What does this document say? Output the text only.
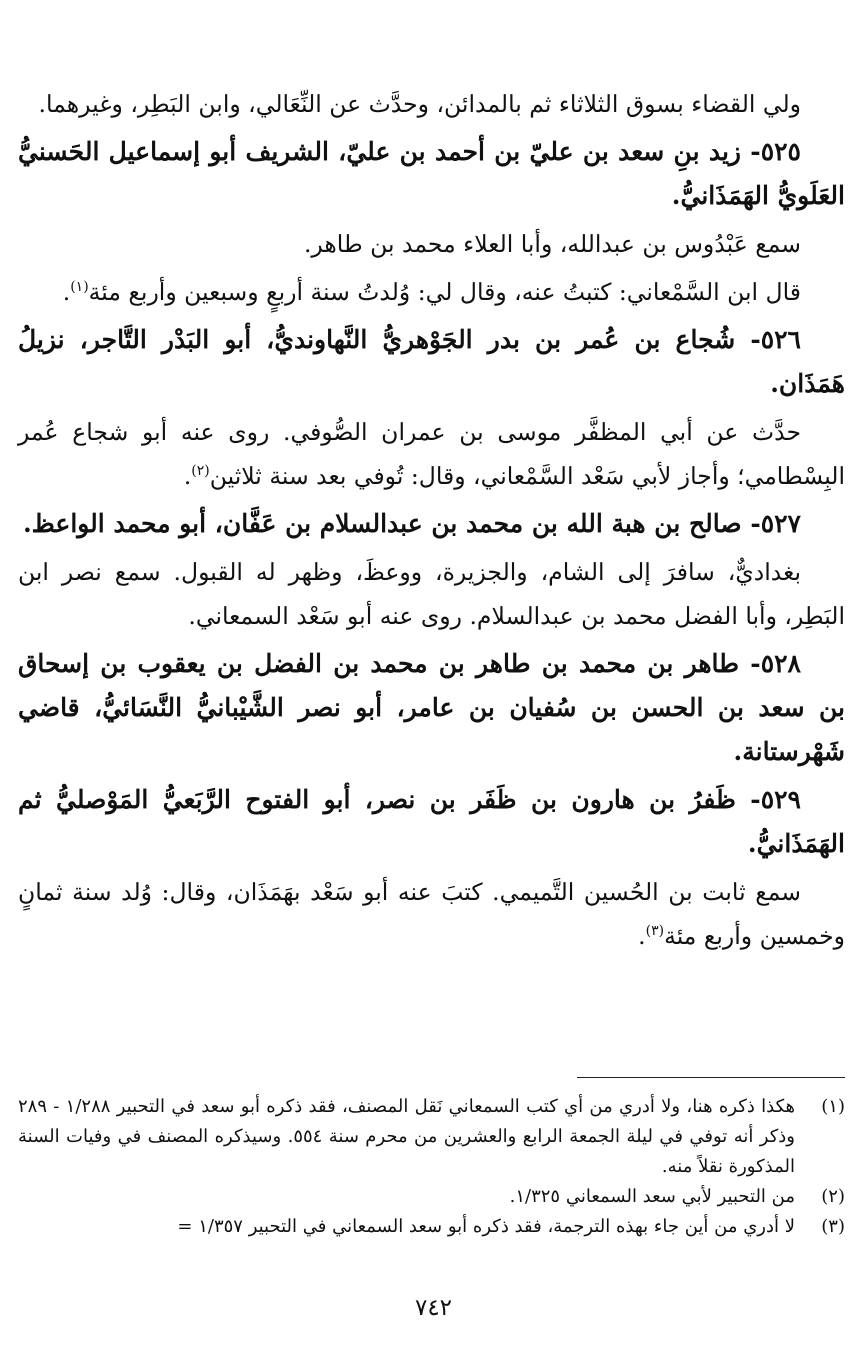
ولي القضاء بسوق الثلاثاء ثم بالمدائن، وحدَّث عن النِّعَالي، وابن البَطِر، وغيرهما.

٥٢٥- زيد بنِ سعد بن عليّ بن أحمد بن عليّ، الشريف أبو إسماعيل الحَسنيُّ العَلَويُّ الهَمَذَانيُّ.

سمع عَبْدُوس بن عبدالله، وأبا العلاء محمد بن طاهر.

قال ابن السَّمْعاني: كتبتُ عنه، وقال لي: وُلدتُ سنة أربعٍ وسبعين وأربع مئة$^{(١)}$.

٥٢٦- شُجاع بن عُمر بن بدر الجَوْهريُّ النَّهاونديُّ، أبو البَدْر التَّاجر، نزيلُ هَمَذَان.

حدَّث عن أبي المظفَّر موسى بن عمران الصُّوفي. روى عنه أبو شجاع عُمر البِسْطامي؛ وأجاز لأبي سَعْد السَّمْعاني، وقال: تُوفي بعد سنة ثلاثين$^{(٢)}$.

٥٢٧- صالح بن هبة الله بن محمد بن عبدالسلام بن عَفَّان، أبو محمد الواعظ.

بغداديٌّ، سافرَ إلى الشام، والجزيرة، ووعظَ، وظهر له القبول. سمع نصر ابن البَطِر، وأبا الفضل محمد بن عبدالسلام. روى عنه أبو سَعْد السمعاني.

٥٢٨- طاهر بن محمد بن طاهر بن محمد بن الفضل بن يعقوب بن إسحاق بن سعد بن الحسن بن سُفيان بن عامر، أبو نصر الشَّيْبانيُّ النَّسَائيُّ، قاضي شَهْرستانة.

٥٢٩- ظَفرُ بن هارون بن ظَفَر بن نصر، أبو الفتوح الرَّبَعيُّ المَوْصليُّ ثم الهَمَذَانيُّ.

سمع ثابت بن الحُسين التَّميمي. كتبَ عنه أبو سَعْد بهَمَذَان، وقال: وُلد سنة ثمانٍ وخمسين وأربع مئة$^{(٣)}$.

(١)
هكذا ذكره هنا، ولا أدري من أي كتب السمعاني نَقل المصنف، فقد ذكره أبو سعد في التحبير ١/٢٨٨ - ٢٨٩ وذكر أنه توفي في ليلة الجمعة الرابع والعشرين من محرم سنة ٥٥٤. وسيذكره المصنف في وفيات السنة المذكورة نقلاً منه.
(٢)
من التحبير لأبي سعد السمعاني ١/٣٢٥.
(٣)
لا أدري من أين جاء بهذه الترجمة، فقد ذكره أبو سعد السمعاني في التحبير ١/٣٥٧ =
٧٤٢
